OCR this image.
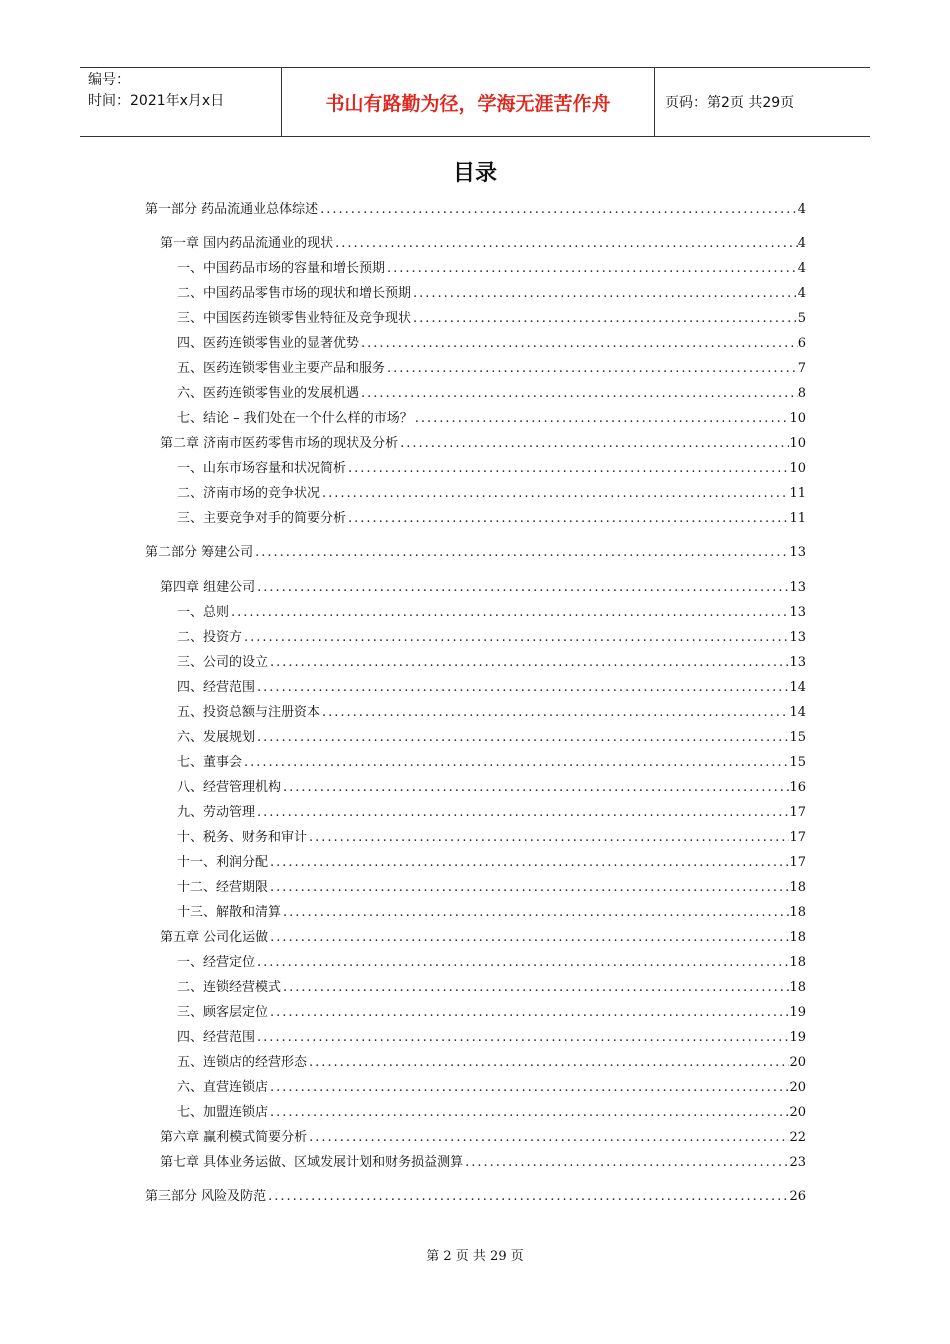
编号：
时间：2021年x月x日	书山有路勤为径，学海无涯苦作舟	页码：第2页 共29页
目录
第一部分 药品流通业总体综述 .....	4
第一章 国内药品流通业的现状 .....	4
一、中国药品市场的容量和增长预期 .....	4
二、中国药品零售市场的现状和增长预期 .....	4
三、中国医药连锁零售业特征及竞争现状 .....	5
四、医药连锁零售业的显著优势 .....	6
五、医药连锁零售业主要产品和服务 .....	7
六、医药连锁零售业的发展机遇 .....	8
七、结论 – 我们处在一个什么样的市场？ .....	10
第二章 济南市医药零售市场的现状及分析 .....	10
一、山东市场容量和状况简析 .....	10
二、济南市场的竞争状况 .....	11
三、主要竞争对手的简要分析 .....	11
第二部分 筹建公司 .....	13
第四章 组建公司 .....	13
一、总则 .....	13
二、投资方 .....	13
三、公司的设立 .....	13
四、经营范围 .....	14
五、投资总额与注册资本 .....	14
六、发展规划 .....	15
七、董事会 .....	15
八、经营管理机构 .....	16
九、劳动管理 .....	17
十、税务、财务和审计 .....	17
十一、利润分配 .....	17
十二、经营期限 .....	18
十三、解散和清算 .....	18
第五章 公司化运做 .....	18
一、经营定位 .....	18
二、连锁经营模式 .....	18
三、顾客层定位 .....	19
四、经营范围 .....	19
五、连锁店的经营形态 .....	20
六、直营连锁店 .....	20
七、加盟连锁店 .....	20
第六章 赢利模式简要分析 .....	22
第七章 具体业务运做、区域发展计划和财务损益测算 .....	23
第三部分 风险及防范 .....	26
第 2 页 共 29 页
